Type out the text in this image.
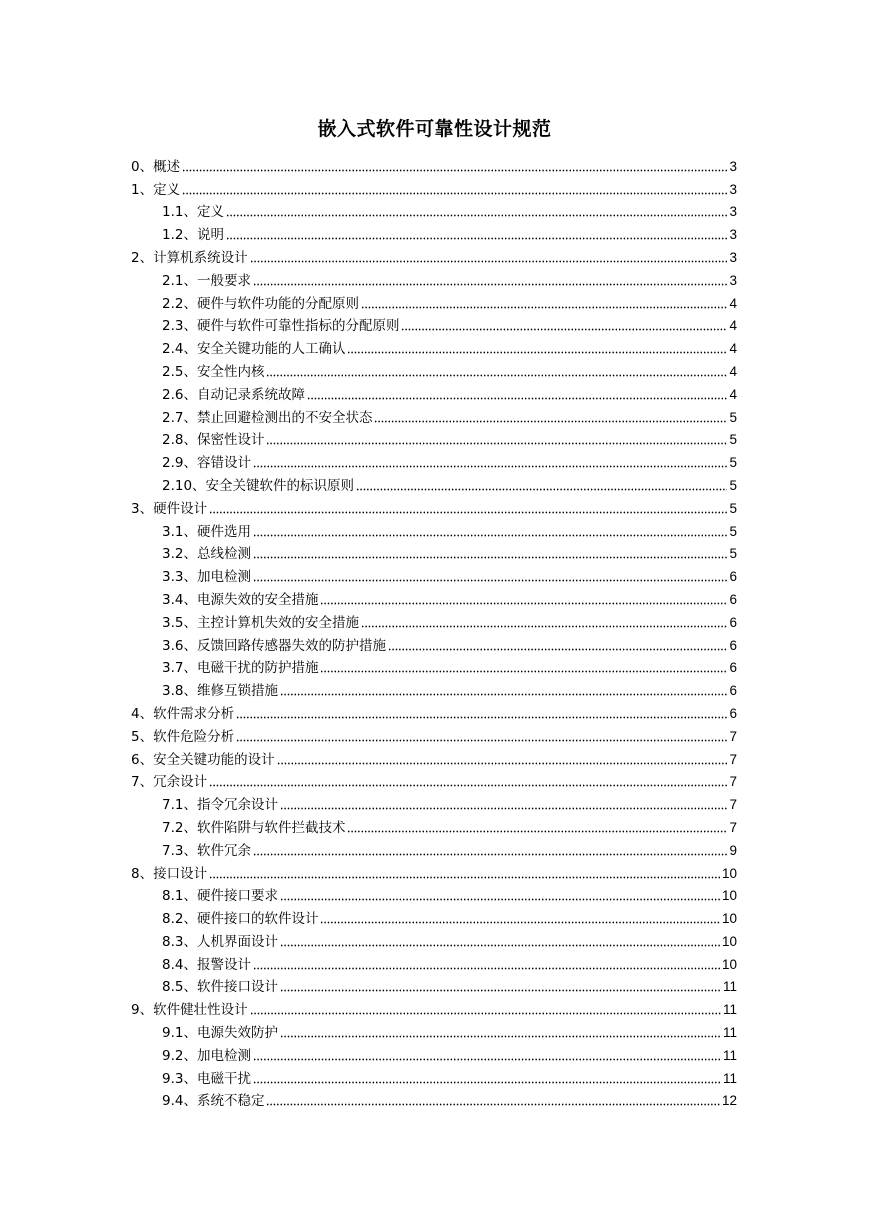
嵌入式软件可靠性设计规范
0、概述	3
1、定义	3
1.1、定义	3
1.2、说明	3
2、计算机系统设计	3
2.1、一般要求	3
2.2、硬件与软件功能的分配原则	4
2.3、硬件与软件可靠性指标的分配原则	4
2.4、安全关键功能的人工确认	4
2.5、安全性内核	4
2.6、自动记录系统故障	4
2.7、禁止回避检测出的不安全状态	5
2.8、保密性设计	5
2.9、容错设计	5
2.10、安全关键软件的标识原则	5
3、硬件设计	5
3.1、硬件选用	5
3.2、总线检测	5
3.3、加电检测	6
3.4、电源失效的安全措施	6
3.5、主控计算机失效的安全措施	6
3.6、反馈回路传感器失效的防护措施	6
3.7、电磁干扰的防护措施	6
3.8、维修互锁措施	6
4、软件需求分析	6
5、软件危险分析	7
6、安全关键功能的设计	7
7、冗余设计	7
7.1、指令冗余设计	7
7.2、软件陷阱与软件拦截技术	7
7.3、软件冗余	9
8、接口设计	10
8.1、硬件接口要求	10
8.2、硬件接口的软件设计	10
8.3、人机界面设计	10
8.4、报警设计	10
8.5、软件接口设计	11
9、软件健壮性设计	11
9.1、电源失效防护	11
9.2、加电检测	11
9.3、电磁干扰	11
9.4、系统不稳定	12
